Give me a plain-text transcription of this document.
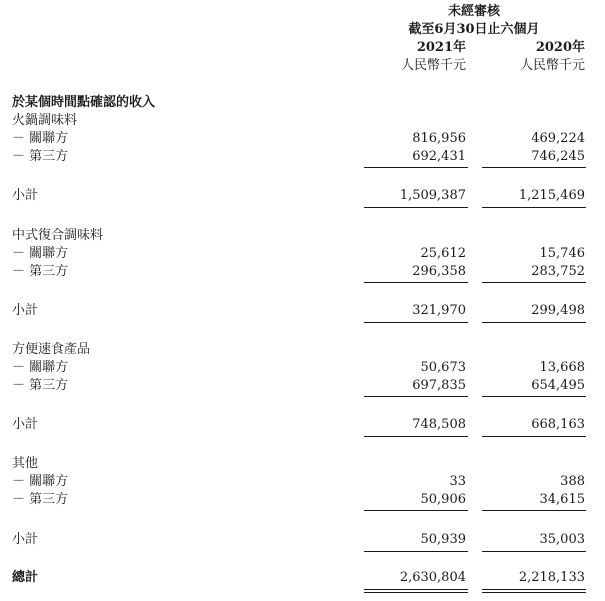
未經審核
截至6月30日止六個月
2021年	2020年
人民幣千元	人民幣千元
於某個時間點確認的收入
火鍋調味料
－ 關聯方	816,956	469,224
－ 第三方	692,431	746,245
小計	1,509,387	1,215,469
中式復合調味料
－ 關聯方	25,612	15,746
－ 第三方	296,358	283,752
小計	321,970	299,498
方便速食產品
－ 關聯方	50,673	13,668
－ 第三方	697,835	654,495
小計	748,508	668,163
其他
－ 關聯方	33	388
－ 第三方	50,906	34,615
小計	50,939	35,003
總計	2,630,804	2,218,133
